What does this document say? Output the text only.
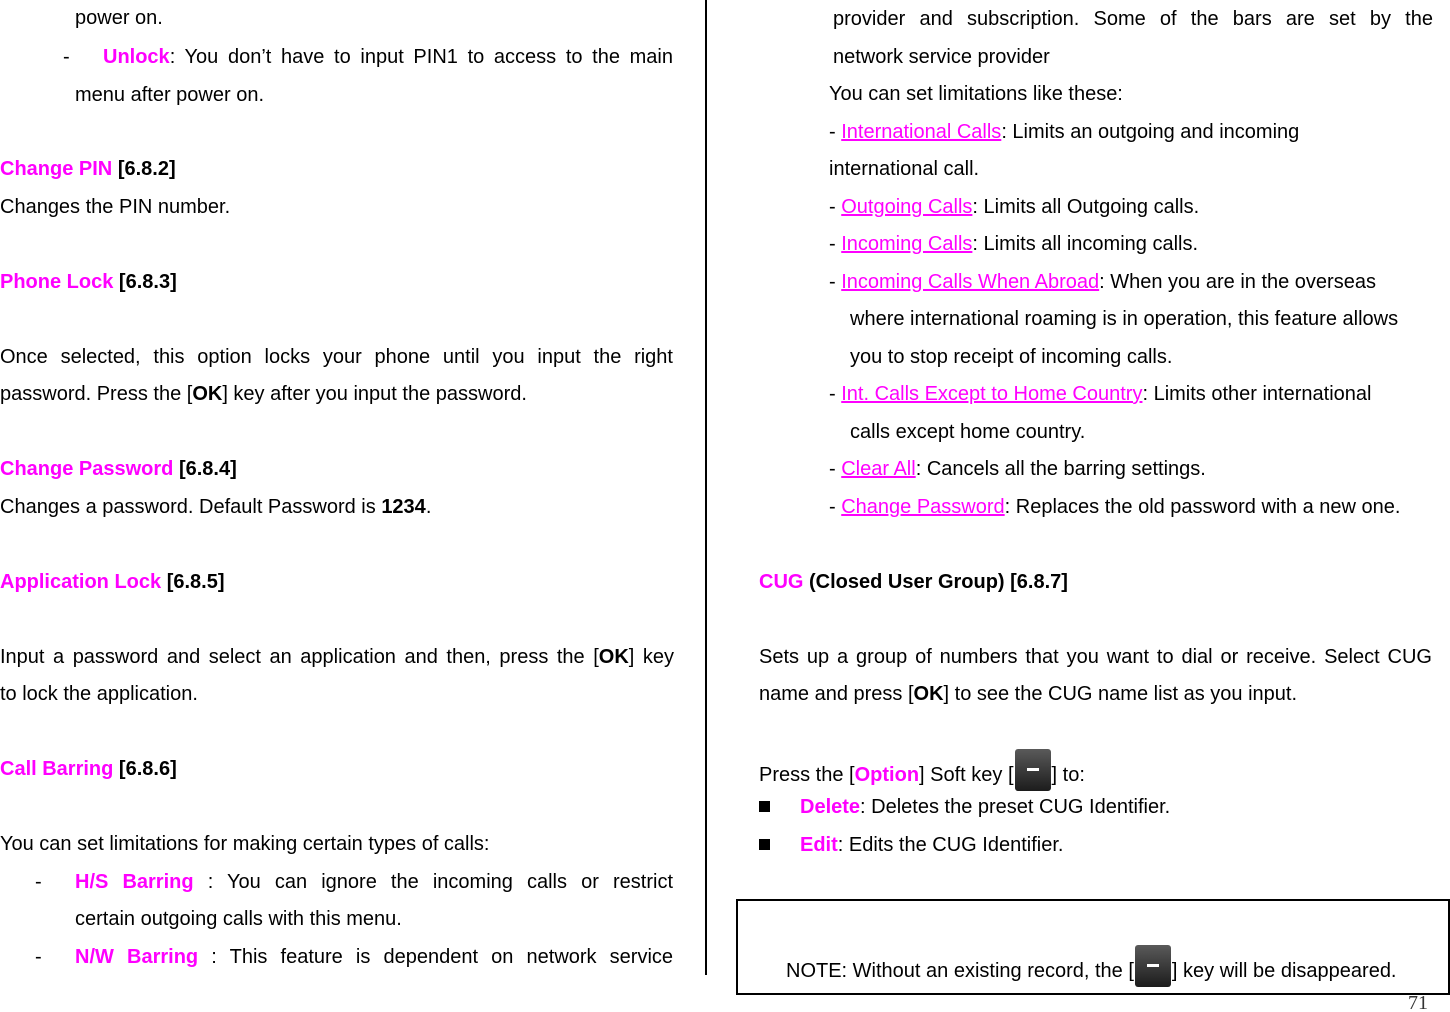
power on.
- Unlock: You don’t have to input PIN1 to access to the main
menu after power on.
Change PIN [6.8.2]
Changes the PIN number.
Phone Lock [6.8.3]
Once selected, this option locks your phone until you input the right
password. Press the [OK] key after you input the password.
Change Password [6.8.4]
Changes a password. Default Password is 1234.
Application Lock [6.8.5]
Input a password and select an application and then, press the [OK] key
to lock the application.
Call Barring [6.8.6]
You can set limitations for making certain types of calls:
- H/S Barring : You can ignore the incoming calls or restrict
certain outgoing calls with this menu.
- N/W Barring : This feature is dependent on network service
provider and subscription. Some of the bars are set by the
network service provider
You can set limitations like these:
- International Calls: Limits an outgoing and incoming
international call.
- Outgoing Calls: Limits all Outgoing calls.
- Incoming Calls: Limits all incoming calls.
- Incoming Calls When Abroad: When you are in the overseas
where international roaming is in operation, this feature allows
you to stop receipt of incoming calls.
- Int. Calls Except to Home Country: Limits other international
calls except home country.
- Clear All: Cancels all the barring settings.
- Change Password: Replaces the old password with a new one.
CUG (Closed User Group) [6.8.7]
Sets up a group of numbers that you want to dial or receive. Select CUG
name and press [OK] to see the CUG name list as you input.
Press the [Option] Soft key [ ] to:
Delete: Deletes the preset CUG Identifier.
Edit: Edits the CUG Identifier.
NOTE: Without an existing record, the [ ] key will be disappeared.
71
